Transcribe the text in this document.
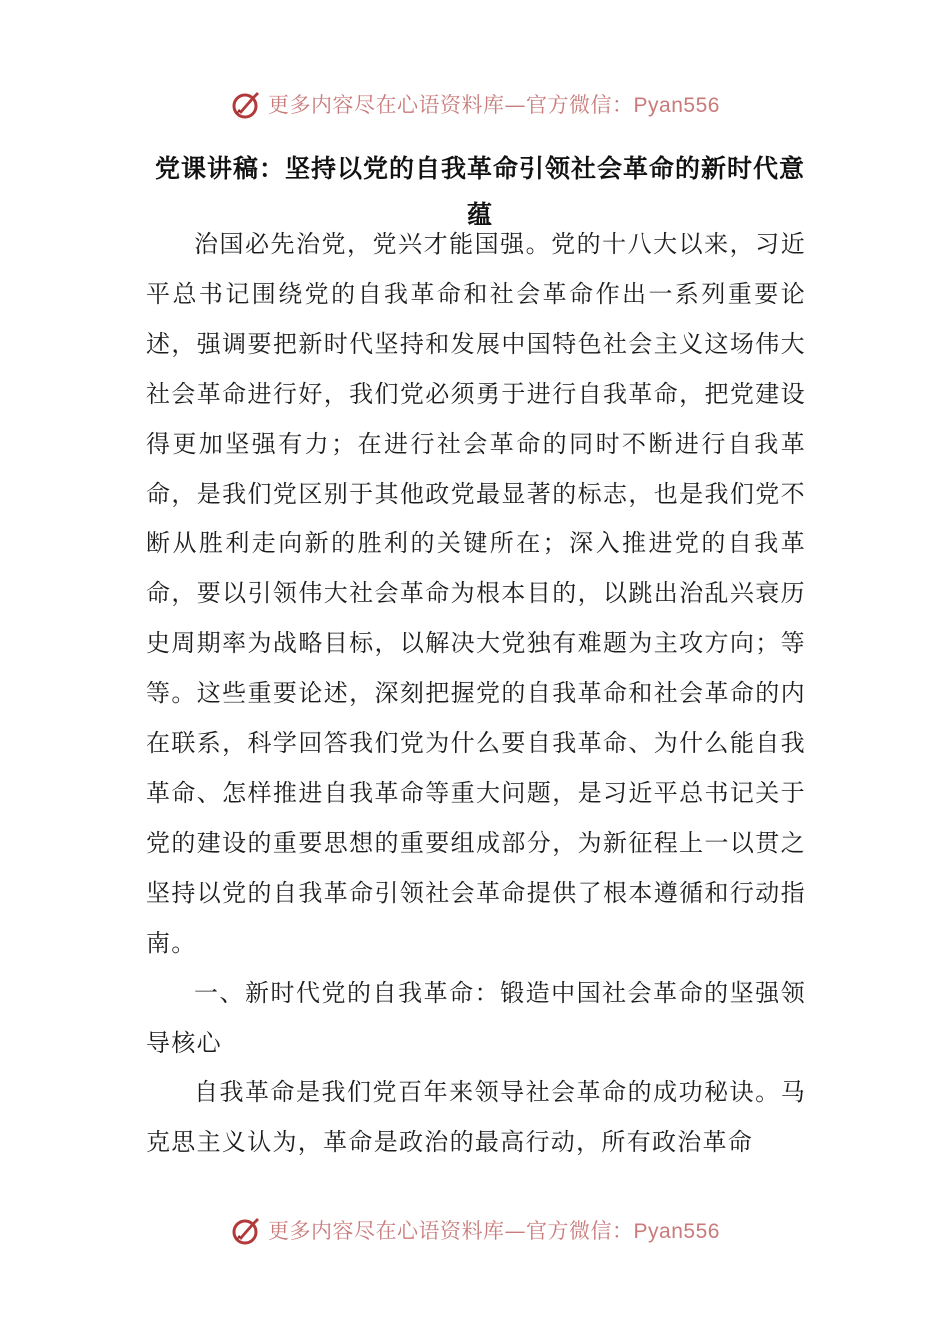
更多内容尽在心语资料库—官方微信：Pyan556
党课讲稿：坚持以党的自我革命引领社会革命的新时代意蕴

治国必先治党，党兴才能国强。党的十八大以来，习近平总书记围绕党的自我革命和社会革命作出一系列重要论述，强调要把新时代坚持和发展中国特色社会主义这场伟大社会革命进行好，我们党必须勇于进行自我革命，把党建设得更加坚强有力；在进行社会革命的同时不断进行自我革命，是我们党区别于其他政党最显著的标志，也是我们党不断从胜利走向新的胜利的关键所在；深入推进党的自我革命，要以引领伟大社会革命为根本目的，以跳出治乱兴衰历史周期率为战略目标，以解决大党独有难题为主攻方向；等等。这些重要论述，深刻把握党的自我革命和社会革命的内在联系，科学回答我们党为什么要自我革命、为什么能自我革命、怎样推进自我革命等重大问题，是习近平总书记关于党的建设的重要思想的重要组成部分，为新征程上一以贯之坚持以党的自我革命引领社会革命提供了根本遵循和行动指南。

一、新时代党的自我革命：锻造中国社会革命的坚强领导核心

自我革命是我们党百年来领导社会革命的成功秘诀。马克思主义认为，革命是政治的最高行动，所有政治革命

更多内容尽在心语资料库—官方微信：Pyan556
